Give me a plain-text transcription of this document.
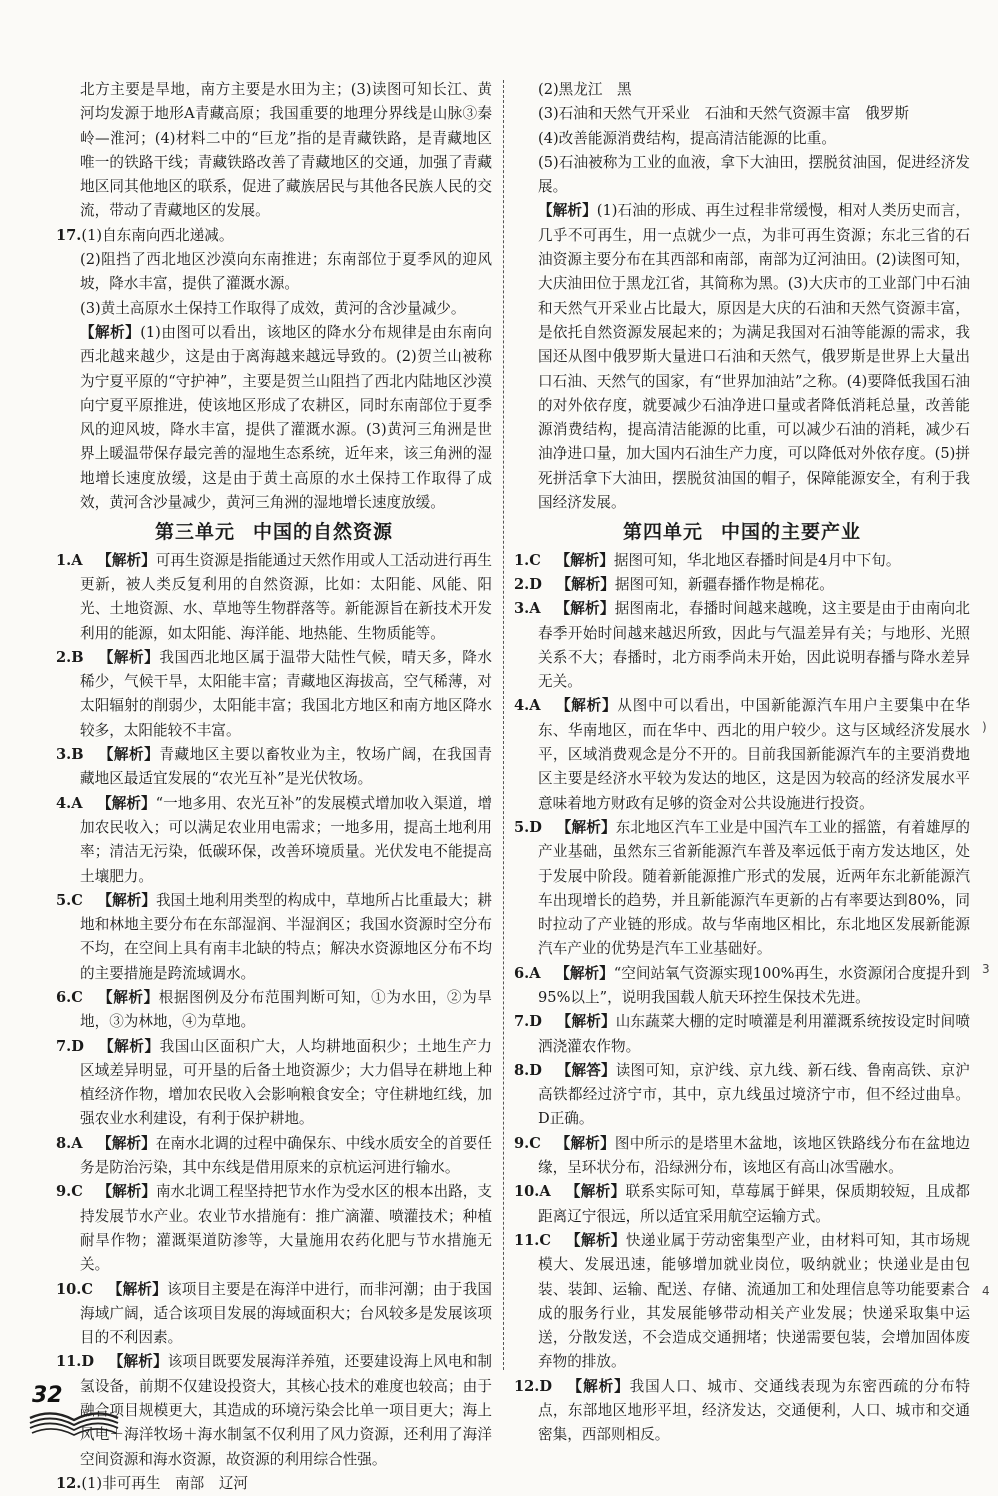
北方主要是旱地，南方主要是水田为主；(3)读图可知长江、黄河均发源于地形A青藏高原；我国重要的地理分界线是山脉③秦岭—淮河；(4)材料二中的“巨龙”指的是青藏铁路，是青藏地区唯一的铁路干线；青藏铁路改善了青藏地区的交通，加强了青藏地区同其他地区的联系，促进了藏族居民与其他各民族人民的交流，带动了青藏地区的发展。
17.(1)自东南向西北递减。
(2)阻挡了西北地区沙漠向东南推进；东南部位于夏季风的迎风坡，降水丰富，提供了灌溉水源。
(3)黄土高原水土保持工作取得了成效，黄河的含沙量减少。
【解析】(1)由图可以看出，该地区的降水分布规律是由东南向西北越来越少，这是由于离海越来越远导致的。(2)贺兰山被称为宁夏平原的“守护神”，主要是贺兰山阻挡了西北内陆地区沙漠向宁夏平原推进，使该地区形成了农耕区，同时东南部位于夏季风的迎风坡，降水丰富，提供了灌溉水源。(3)黄河三角洲是世界上暖温带保存最完善的湿地生态系统，近年来，该三角洲的湿地增长速度放缓，这是由于黄土高原的水土保持工作取得了成效，黄河含沙量减少，黄河三角洲的湿地增长速度放缓。
第三单元 中国的自然资源
1.A  【解析】可再生资源是指能通过天然作用或人工活动进行再生更新，被人类反复利用的自然资源，比如：太阳能、风能、阳光、土地资源、水、草地等生物群落等。新能源旨在新技术开发利用的能源，如太阳能、海洋能、地热能、生物质能等。
2.B  【解析】我国西北地区属于温带大陆性气候，晴天多，降水稀少，气候干旱，太阳能丰富；青藏地区海拔高，空气稀薄，对太阳辐射的削弱少，太阳能丰富；我国北方地区和南方地区降水较多，太阳能较不丰富。
3.B  【解析】青藏地区主要以畜牧业为主，牧场广阔，在我国青藏地区最适宜发展的“农光互补”是光伏牧场。
4.A  【解析】“一地多用、农光互补”的发展模式增加收入渠道，增加农民收入；可以满足农业用电需求；一地多用，提高土地利用率；清洁无污染，低碳环保，改善环境质量。光伏发电不能提高土壤肥力。
5.C  【解析】我国土地利用类型的构成中，草地所占比重最大；耕地和林地主要分布在东部湿润、半湿润区；我国水资源时空分布不均，在空间上具有南丰北缺的特点；解决水资源地区分布不均的主要措施是跨流域调水。
6.C  【解析】根据图例及分布范围判断可知，①为水田，②为旱地，③为林地，④为草地。
7.D  【解析】我国山区面积广大，人均耕地面积少；土地生产力区域差异明显，可开垦的后备土地资源少；大力倡导在耕地上种植经济作物，增加农民收入会影响粮食安全；守住耕地红线，加强农业水利建设，有利于保护耕地。
8.A  【解析】在南水北调的过程中确保东、中线水质安全的首要任务是防治污染，其中东线是借用原来的京杭运河进行输水。
9.C  【解析】南水北调工程坚持把节水作为受水区的根本出路，支持发展节水产业。农业节水措施有：推广滴灌、喷灌技术；种植耐旱作物；灌溉渠道防渗等，大量施用农药化肥与节水措施无关。
10.C  【解析】该项目主要是在海洋中进行，而非河潮；由于我国海域广阔，适合该项目发展的海域面积大；台风较多是发展该项目的不利因素。
11.D  【解析】该项目既要发展海洋养殖，还要建设海上风电和制氢设备，前期不仅建设投资大，其核心技术的难度也较高；由于融合项目规模更大，其造成的环境污染会比单一项目更大；海上风电＋海洋牧场＋海水制氢不仅利用了风力资源，还利用了海洋空间资源和海水资源，故资源的利用综合性强。
12.(1)非可再生　南部　辽河
(2)黑龙江　黑
(3)石油和天然气开采业　石油和天然气资源丰富　俄罗斯
(4)改善能源消费结构，提高清洁能源的比重。
(5)石油被称为工业的血液，拿下大油田，摆脱贫油国，促进经济发展。
【解析】(1)石油的形成、再生过程非常缓慢，相对人类历史而言，几乎不可再生，用一点就少一点，为非可再生资源；东北三省的石油资源主要分布在其西部和南部，南部为辽河油田。(2)读图可知，大庆油田位于黑龙江省，其简称为黑。(3)大庆市的工业部门中石油和天然气开采业占比最大，原因是大庆的石油和天然气资源丰富，是依托自然资源发展起来的；为满足我国对石油等能源的需求，我国还从图中俄罗斯大量进口石油和天然气，俄罗斯是世界上大量出口石油、天然气的国家，有“世界加油站”之称。(4)要降低我国石油的对外依存度，就要减少石油净进口量或者降低消耗总量，改善能源消费结构，提高清洁能源的比重，可以减少石油的消耗，减少石油净进口量，加大国内石油生产力度，可以降低对外依存度。(5)拼死拼活拿下大油田，摆脱贫油国的帽子，保障能源安全，有利于我国经济发展。
第四单元 中国的主要产业
1.C  【解析】据图可知，华北地区春播时间是4月中下旬。
2.D  【解析】据图可知，新疆春播作物是棉花。
3.A  【解析】据图南北，春播时间越来越晚，这主要是由于由南向北春季开始时间越来越迟所致，因此与气温差异有关；与地形、光照关系不大；春播时，北方雨季尚未开始，因此说明春播与降水差异无关。
4.A  【解析】从图中可以看出，中国新能源汽车用户主要集中在华东、华南地区，而在华中、西北的用户较少。这与区域经济发展水平，区域消费观念是分不开的。目前我国新能源汽车的主要消费地区主要是经济水平较为发达的地区，这是因为较高的经济发展水平意味着地方财政有足够的资金对公共设施进行投资。
5.D  【解析】东北地区汽车工业是中国汽车工业的摇篮，有着雄厚的产业基础，虽然东三省新能源汽车普及率远低于南方发达地区，处于发展中阶段。随着新能源推广形式的发展，近两年东北新能源汽车出现增长的趋势，并且新能源汽车更新的占有率要达到80%，同时拉动了产业链的形成。故与华南地区相比，东北地区发展新能源汽车产业的优势是汽车工业基础好。
6.A  【解析】“空间站氧气资源实现100%再生，水资源闭合度提升到95%以上”，说明我国载人航天环控生保技术先进。
7.D  【解析】山东蔬菜大棚的定时喷灌是利用灌溉系统按设定时间喷洒浇灌农作物。
8.D  【解答】读图可知，京沪线、京九线、新石线、鲁南高铁、京沪高铁都经过济宁市，其中，京九线虽过境济宁市，但不经过曲阜。D正确。
9.C  【解析】图中所示的是塔里木盆地，该地区铁路线分布在盆地边缘，呈环状分布，沿绿洲分布，该地区有高山冰雪融水。
10.A  【解析】联系实际可知，草莓属于鲜果，保质期较短，且成都距离辽宁很远，所以适宜采用航空运输方式。
11.C  【解析】快递业属于劳动密集型产业，由材料可知，其市场规模大、发展迅速，能够增加就业岗位，吸纳就业；快递业是由包装、装卸、运输、配送、存储、流通加工和处理信息等功能要素合成的服务行业，其发展能够带动相关产业发展；快递采取集中运送，分散发送，不会造成交通拥堵；快递需要包装，会增加固体废弃物的排放。
12.D  【解析】我国人口、城市、交通线表现为东密西疏的分布特点，东部地区地形平坦，经济发达，交通便利，人口、城市和交通密集，西部则相反。
32
)
3
4
